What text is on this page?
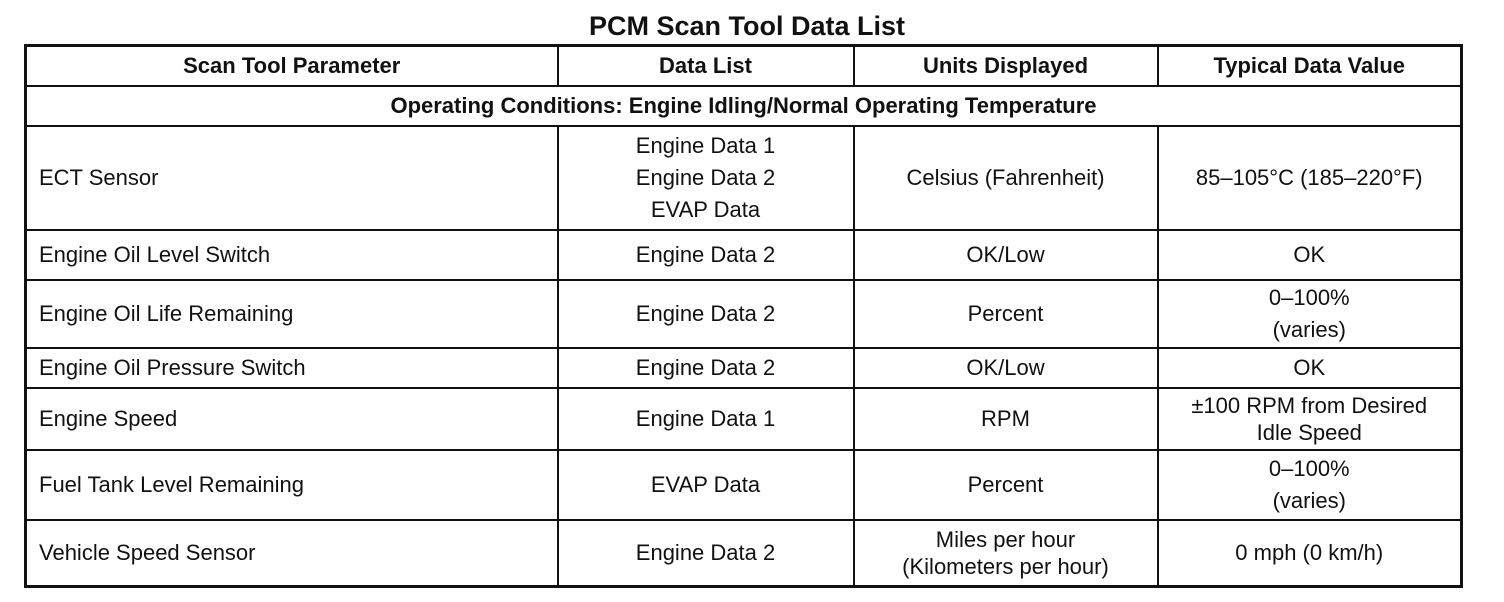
PCM Scan Tool Data List
Scan Tool Parameter	Data List	Units Displayed	Typical Data Value
Operating Conditions: Engine Idling/Normal Operating Temperature			
ECT Sensor	Engine Data 1
Engine Data 2
EVAP Data	Celsius (Fahrenheit)	85–105°C (185–220°F)

Engine Oil Level Switch	Engine Data 2	OK/Low	OK

Engine Oil Life Remaining	Engine Data 2	Percent	0–100%
(varies)

Engine Oil Pressure Switch	Engine Data 2	OK/Low	OK

Engine Speed	Engine Data 1	RPM	±100 RPM from Desired
Idle Speed

Fuel Tank Level Remaining	EVAP Data	Percent	0–100%
(varies)

Vehicle Speed Sensor	Engine Data 2	Miles per hour
(Kilometers per hour)	0 mph (0 km/h)
